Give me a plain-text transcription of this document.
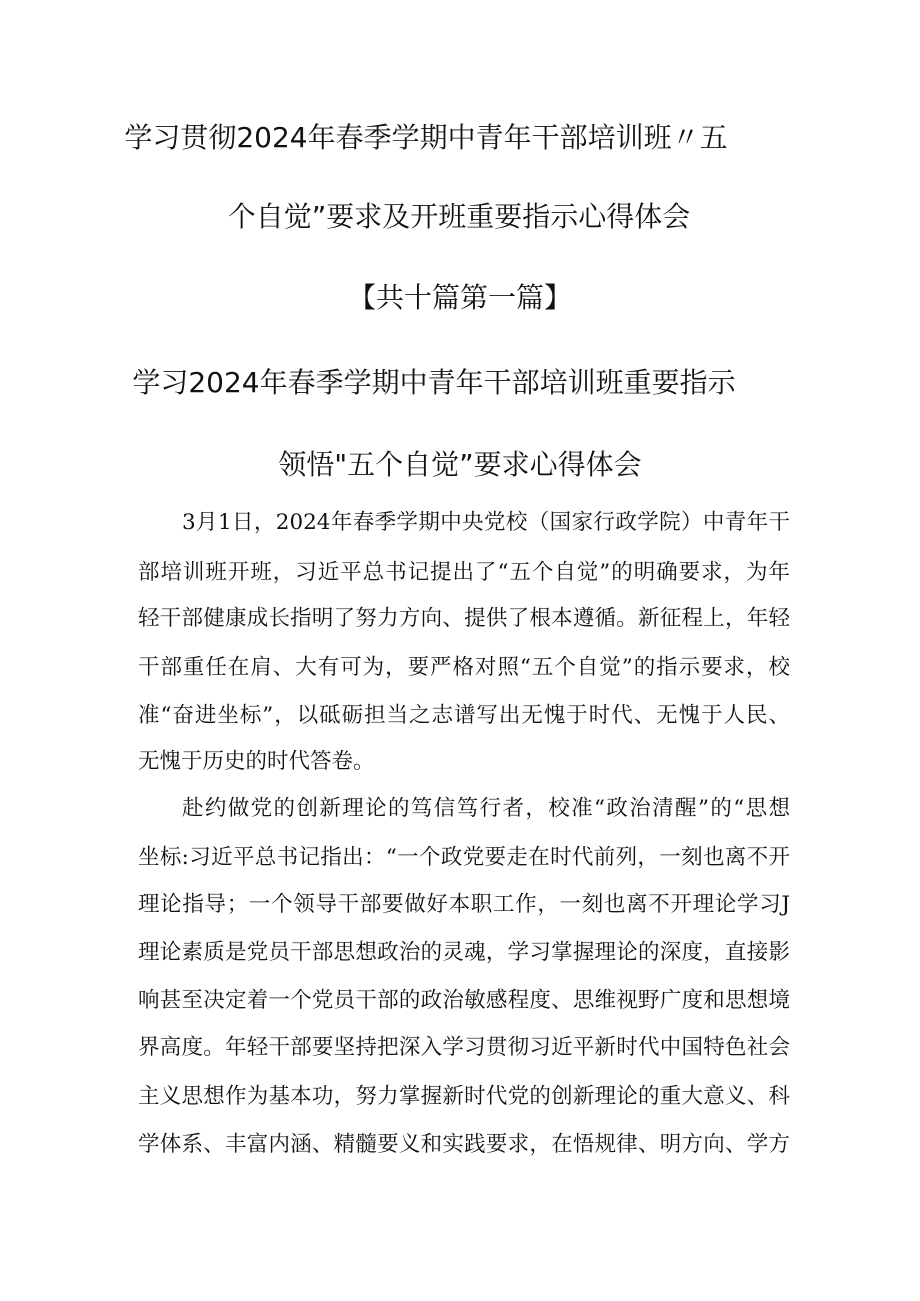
学习贯彻2024年春季学期中青年干部培训班〃五
个自觉”要求及开班重要指示心得体会
【共十篇第一篇】
学习2024年春季学期中青年干部培训班重要指示
领悟"五个自觉”要求心得体会
3月1日，2024年春季学期中央党校（国家行政学院）中青年干
部培训班开班，习近平总书记提出了“五个自觉”的明确要求，为年
轻干部健康成长指明了努力方向、提供了根本遵循。新征程上，年轻
干部重任在肩、大有可为，要严格对照“五个自觉”的指示要求，校
准“奋进坐标”，以砥砺担当之志谱写出无愧于时代、无愧于人民、
无愧于历史的时代答卷。
赴约做党的创新理论的笃信笃行者，校准“政治清醒”的“思想
坐标:习近平总书记指出：“一个政党要走在时代前列，一刻也离不开
理论指导；一个领导干部要做好本职工作，一刻也离不开理论学习J
理论素质是党员干部思想政治的灵魂，学习掌握理论的深度，直接影
响甚至决定着一个党员干部的政治敏感程度、思维视野广度和思想境
界高度。年轻干部要坚持把深入学习贯彻习近平新时代中国特色社会
主义思想作为基本功，努力掌握新时代党的创新理论的重大意义、科
学体系、丰富内涵、精髓要义和实践要求，在悟规律、明方向、学方
